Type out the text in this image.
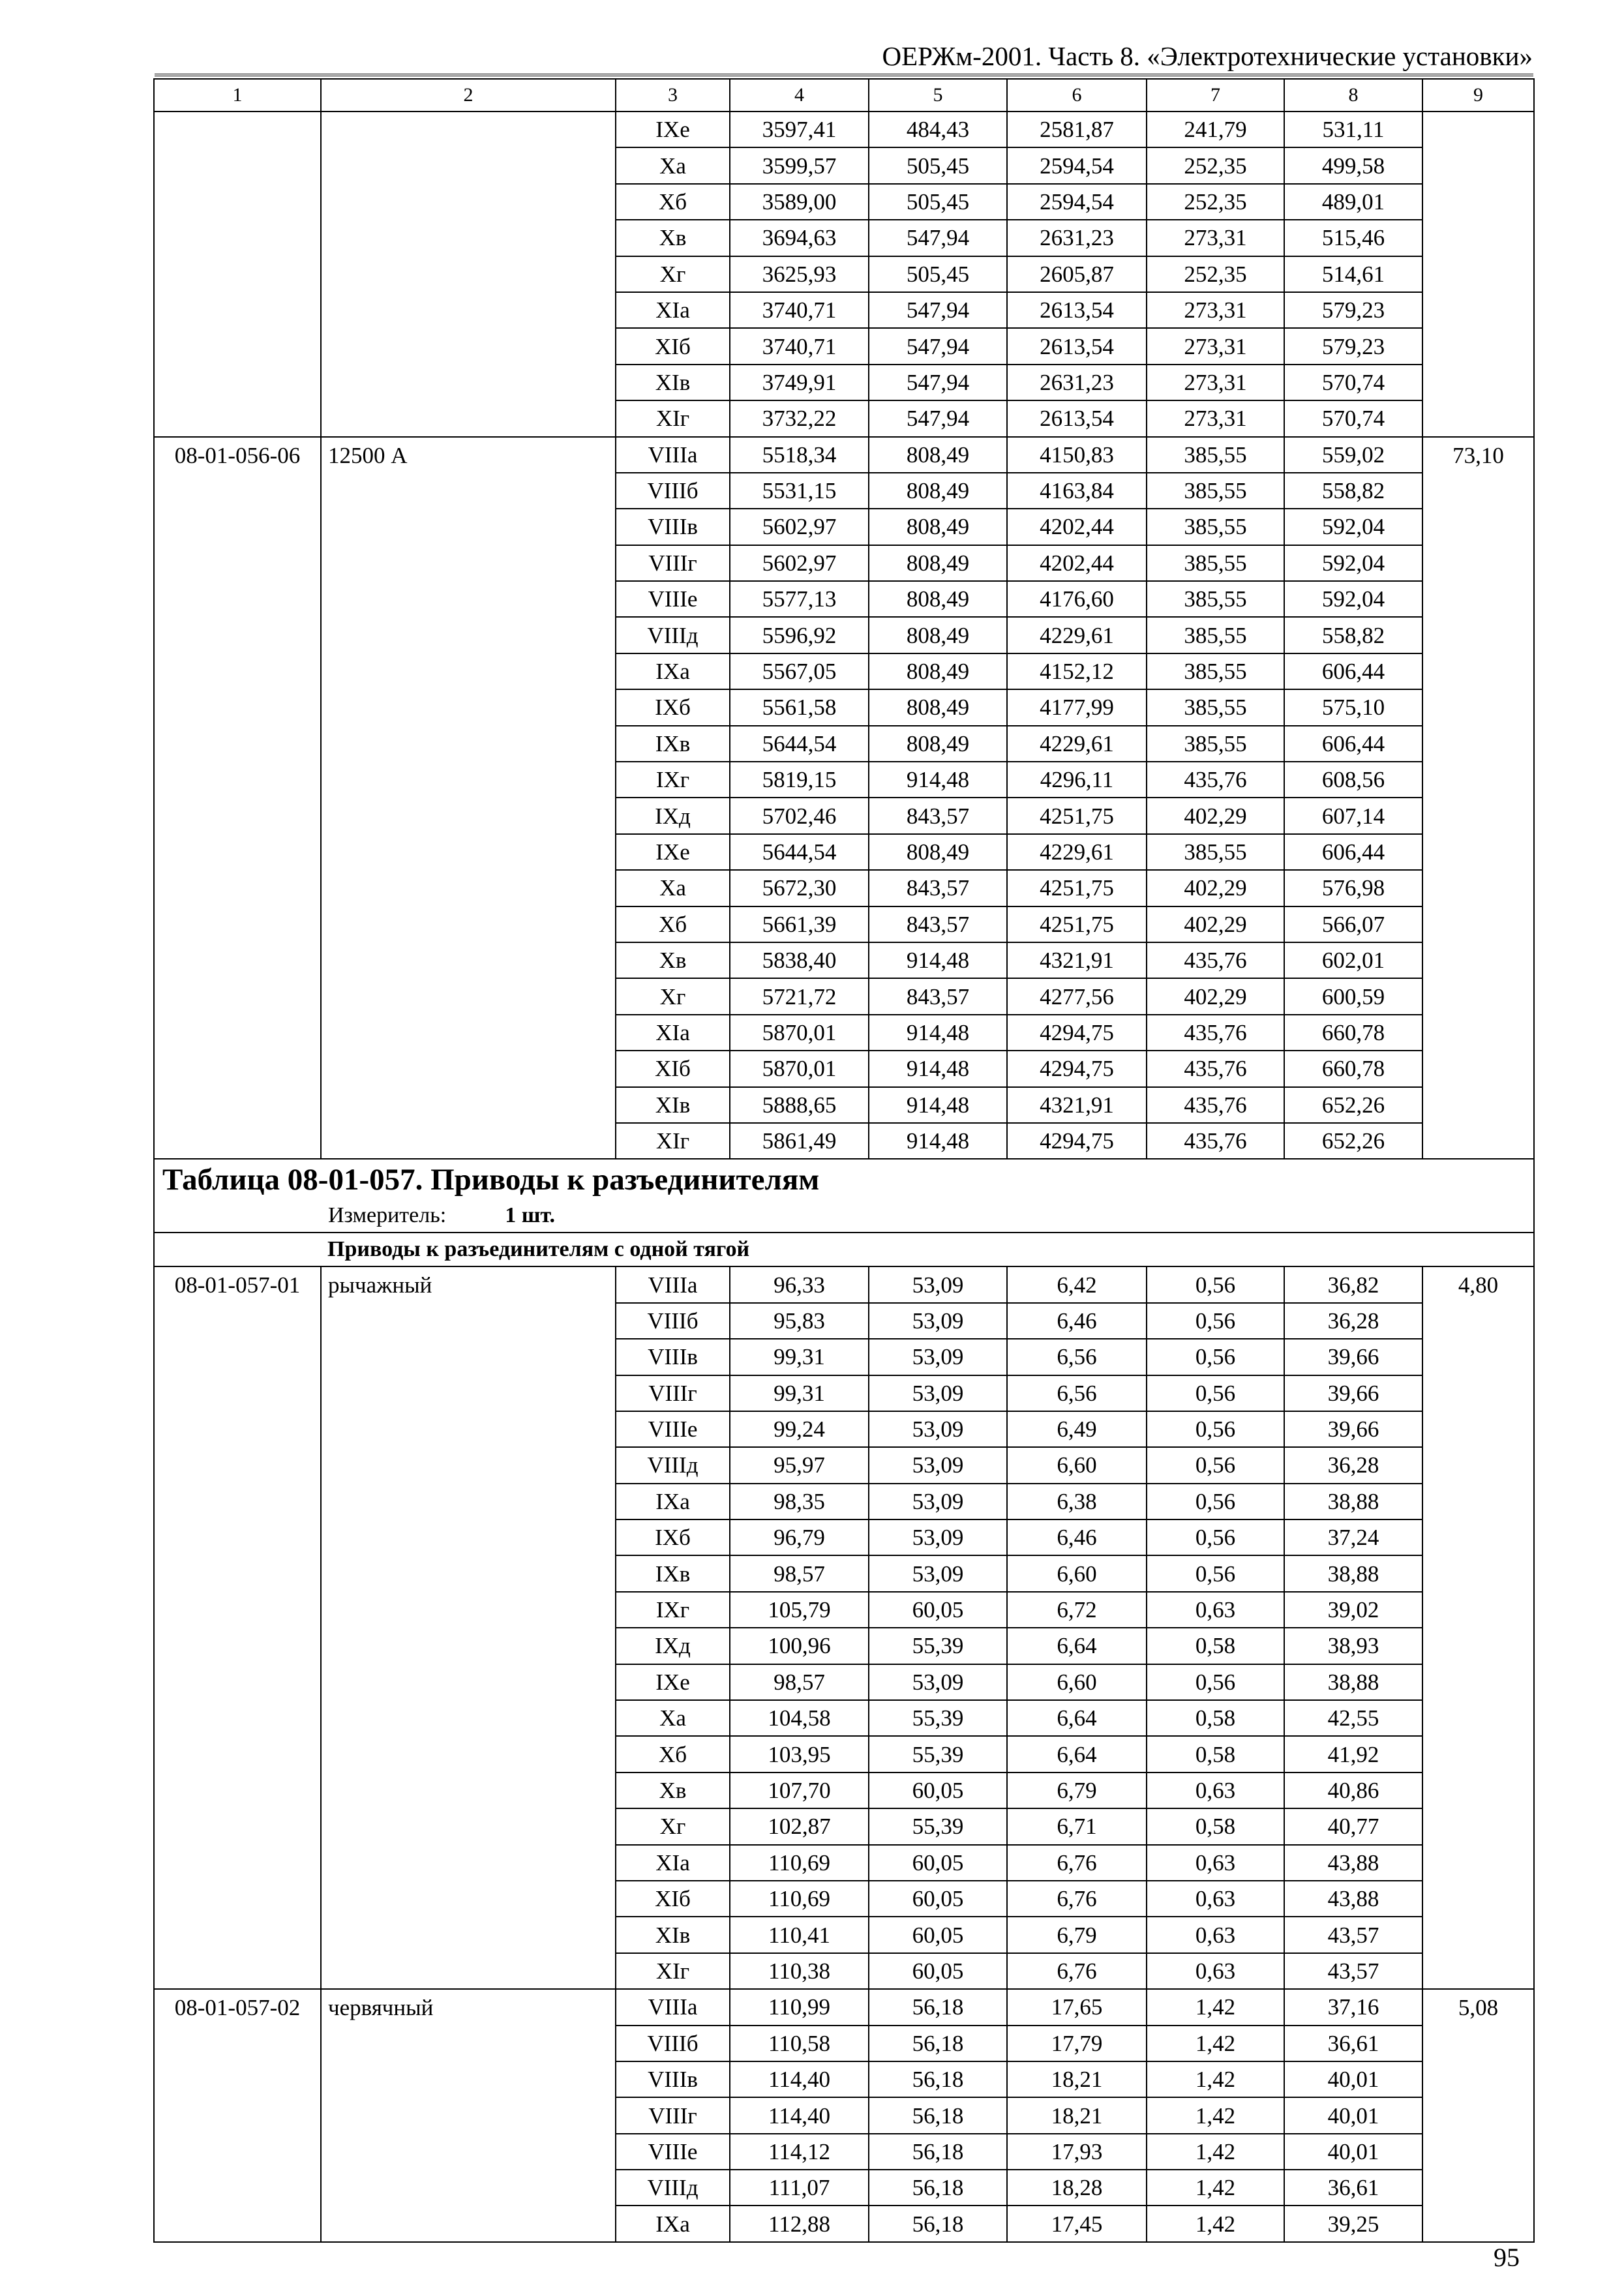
ОЕРЖм-2001. Часть 8. «Электротехнические установки»
1	2	3	4	5	6	7	8	9
		IXе	3597,41	484,43	2581,87	241,79	531,11	
		Xа	3599,57	505,45	2594,54	252,35	499,58	
		Xб	3589,00	505,45	2594,54	252,35	489,01	
		Xв	3694,63	547,94	2631,23	273,31	515,46	
		Xг	3625,93	505,45	2605,87	252,35	514,61	
		XIа	3740,71	547,94	2613,54	273,31	579,23	
		XIб	3740,71	547,94	2613,54	273,31	579,23	
		XIв	3749,91	547,94	2631,23	273,31	570,74	
		XIг	3732,22	547,94	2613,54	273,31	570,74	
08-01-056-06	12500 А	VIIIа	5518,34	808,49	4150,83	385,55	559,02	73,10
		VIIIб	5531,15	808,49	4163,84	385,55	558,82	
		VIIIв	5602,97	808,49	4202,44	385,55	592,04	
		VIIIг	5602,97	808,49	4202,44	385,55	592,04	
		VIIIе	5577,13	808,49	4176,60	385,55	592,04	
		VIIIд	5596,92	808,49	4229,61	385,55	558,82	
		IXа	5567,05	808,49	4152,12	385,55	606,44	
		IXб	5561,58	808,49	4177,99	385,55	575,10	
		IXв	5644,54	808,49	4229,61	385,55	606,44	
		IXг	5819,15	914,48	4296,11	435,76	608,56	
		IXд	5702,46	843,57	4251,75	402,29	607,14	
		IXе	5644,54	808,49	4229,61	385,55	606,44	
		Xа	5672,30	843,57	4251,75	402,29	576,98	
		Xб	5661,39	843,57	4251,75	402,29	566,07	
		Xв	5838,40	914,48	4321,91	435,76	602,01	
		Xг	5721,72	843,57	4277,56	402,29	600,59	
		XIа	5870,01	914,48	4294,75	435,76	660,78	
		XIб	5870,01	914,48	4294,75	435,76	660,78	
		XIв	5888,65	914,48	4321,91	435,76	652,26	
		XIг	5861,49	914,48	4294,75	435,76	652,26	

Таблица 08-01-057. Приводы к разъединителям
Измеритель: 1 шт.								

Приводы к разъединителям с одной тягой								
08-01-057-01	рычажный	VIIIа	96,33	53,09	6,42	0,56	36,82	4,80
		VIIIб	95,83	53,09	6,46	0,56	36,28	
		VIIIв	99,31	53,09	6,56	0,56	39,66	
		VIIIг	99,31	53,09	6,56	0,56	39,66	
		VIIIе	99,24	53,09	6,49	0,56	39,66	
		VIIIд	95,97	53,09	6,60	0,56	36,28	
		IXа	98,35	53,09	6,38	0,56	38,88	
		IXб	96,79	53,09	6,46	0,56	37,24	
		IXв	98,57	53,09	6,60	0,56	38,88	
		IXг	105,79	60,05	6,72	0,63	39,02	
		IXд	100,96	55,39	6,64	0,58	38,93	
		IXе	98,57	53,09	6,60	0,56	38,88	
		Xа	104,58	55,39	6,64	0,58	42,55	
		Xб	103,95	55,39	6,64	0,58	41,92	
		Xв	107,70	60,05	6,79	0,63	40,86	
		Xг	102,87	55,39	6,71	0,58	40,77	
		XIа	110,69	60,05	6,76	0,63	43,88	
		XIб	110,69	60,05	6,76	0,63	43,88	
		XIв	110,41	60,05	6,79	0,63	43,57	
		XIг	110,38	60,05	6,76	0,63	43,57	
08-01-057-02	червячный	VIIIа	110,99	56,18	17,65	1,42	37,16	5,08
		VIIIб	110,58	56,18	17,79	1,42	36,61	
		VIIIв	114,40	56,18	18,21	1,42	40,01	
		VIIIг	114,40	56,18	18,21	1,42	40,01	
		VIIIе	114,12	56,18	17,93	1,42	40,01	
		VIIIд	111,07	56,18	18,28	1,42	36,61	
		IXа	112,88	56,18	17,45	1,42	39,25	
95
